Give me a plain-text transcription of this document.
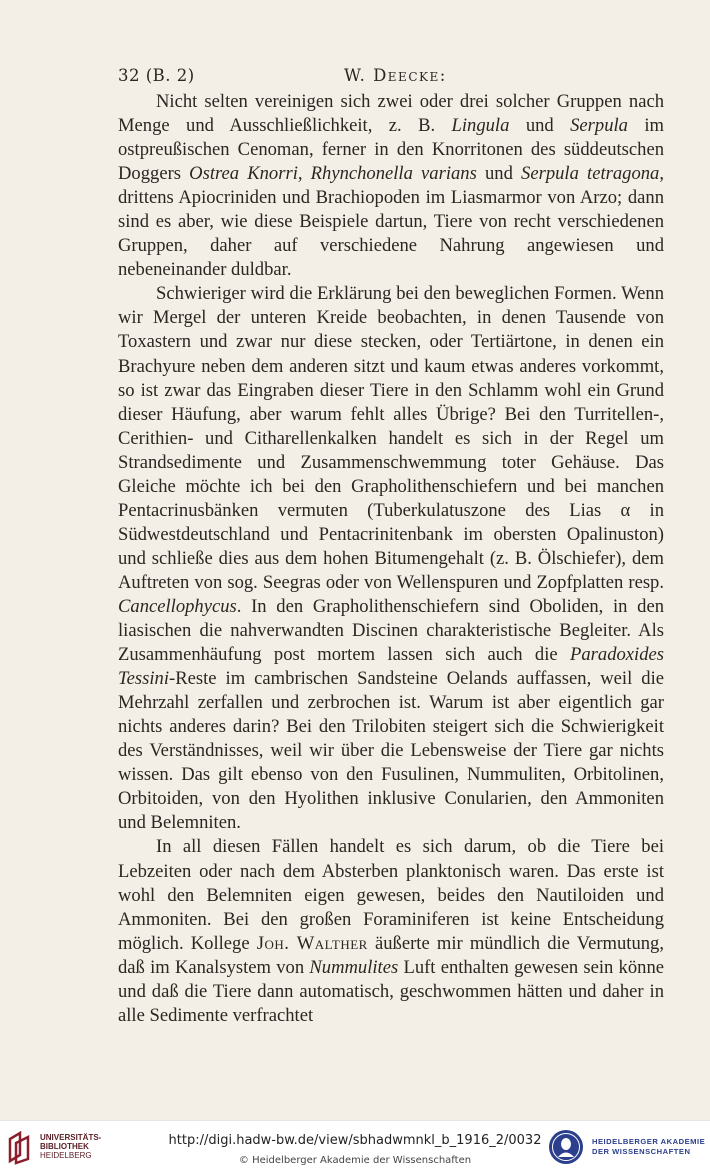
32 (B. 2)	W. Deecke:

Nicht selten vereinigen sich zwei oder drei solcher Gruppen nach Menge und Ausschließlichkeit, z. B. Lingula und Serpula im ostpreußischen Cenoman, ferner in den Knorritonen des süddeutschen Doggers Ostrea Knorri, Rhynchonella varians und Serpula tetragona, drittens Apiocriniden und Brachiopoden im Liasmarmor von Arzo; dann sind es aber, wie diese Beispiele dartun, Tiere von recht verschiedenen Gruppen, daher auf verschiedene Nahrung angewiesen und nebeneinander duldbar.

Schwieriger wird die Erklärung bei den beweglichen Formen. Wenn wir Mergel der unteren Kreide beobachten, in denen Tausende von Toxastern und zwar nur diese stecken, oder Tertiärtone, in denen ein Brachyure neben dem anderen sitzt und kaum etwas anderes vorkommt, so ist zwar das Eingraben dieser Tiere in den Schlamm wohl ein Grund dieser Häufung, aber warum fehlt alles Übrige? Bei den Turritellen-, Cerithien- und Citharellenkalken handelt es sich in der Regel um Strandsedimente und Zusammenschwemmung toter Gehäuse. Das Gleiche möchte ich bei den Grapholithenschiefern und bei manchen Pentacrinusbänken vermuten (Tuberkulatuszone des Lias α in Südwestdeutschland und Pentacrinitenbank im obersten Opalinuston) und schließe dies aus dem hohen Bitumengehalt (z. B. Ölschiefer), dem Auftreten von sog. Seegras oder von Wellenspuren und Zopfplatten resp. Cancellophycus. In den Grapholithenschiefern sind Oboliden, in den liasischen die nahverwandten Discinen charakteristische Begleiter. Als Zusammenhäufung post mortem lassen sich auch die Paradoxides Tessini-Reste im cambrischen Sandsteine Oelands auffassen, weil die Mehrzahl zerfallen und zerbrochen ist. Warum ist aber eigentlich gar nichts anderes darin? Bei den Trilobiten steigert sich die Schwierigkeit des Verständnisses, weil wir über die Lebensweise der Tiere gar nichts wissen. Das gilt ebenso von den Fusulinen, Nummuliten, Orbitolinen, Orbitoiden, von den Hyolithen inklusive Conularien, den Ammoniten und Belemniten.

In all diesen Fällen handelt es sich darum, ob die Tiere bei Lebzeiten oder nach dem Absterben planktonisch waren. Das erste ist wohl den Belemniten eigen gewesen, beides den Nautiloiden und Ammoniten. Bei den großen Foraminiferen ist keine Entscheidung möglich. Kollege Joh. Walther äußerte mir mündlich die Vermutung, daß im Kanalsystem von Nummulites Luft enthalten gewesen sein könne und daß die Tiere dann automatisch, geschwommen hätten und daher in alle Sedimente verfrachtet

UNIVERSITÄTS-
BIBLIOTHEK
HEIDELBERG
http://digi.hadw-bw.de/view/sbhadwmnkl_b_1916_2/0032
© Heidelberger Akademie der Wissenschaften
HEIDELBERGER AKADEMIE
DER WISSENSCHAFTEN
